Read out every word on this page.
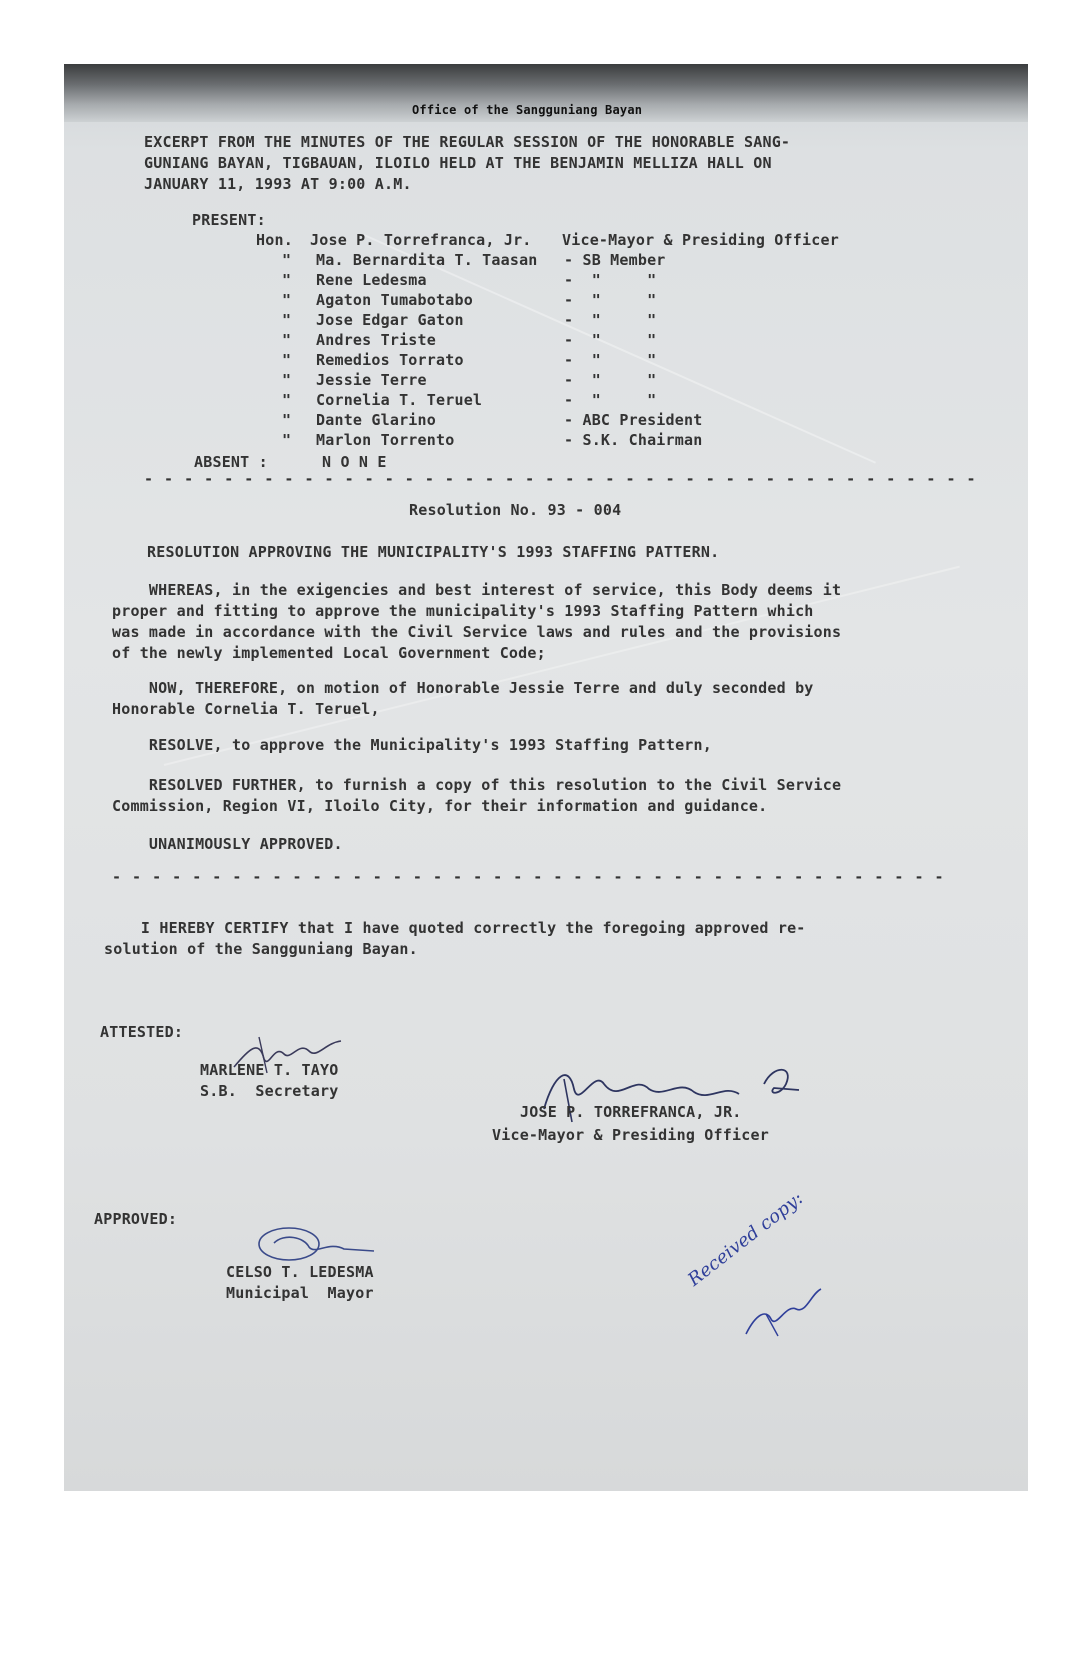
Office of the Sangguniang Bayan
EXCERPT FROM THE MINUTES OF THE REGULAR SESSION OF THE HONORABLE SANG-
GUNIANG BAYAN, TIGBAUAN, ILOILO HELD AT THE BENJAMIN MELLIZA HALL ON
JANUARY 11, 1993 AT 9:00 A.M.
PRESENT:
Hon. Jose P. Torrefranca, Jr. Vice-Mayor & Presiding Officer
" Ma. Bernardita T. Taasan - SB Member
" Rene Ledesma	-  "     "
" Agaton Tumabotabo	-  "     "
" Jose Edgar Gaton	-  "     "
" Andres Triste	-  "     "
" Remedios Torrato	-  "     "
" Jessie Terre	-  "     "
" Cornelia T. Teruel	-  "     "
" Dante Glarino	- ABC President
" Marlon Torrento	- S.K. Chairman
ABSENT :	N O N E
- - - - - - - - - - - - - - - - - - - - - - - - - - - - - - - - - - - - - - - - - -
Resolution No. 93 - 004
RESOLUTION APPROVING THE MUNICIPALITY'S 1993 STAFFING PATTERN.
WHEREAS, in the exigencies and best interest of service, this Body deems it
proper and fitting to approve the municipality's 1993 Staffing Pattern which
was made in accordance with the Civil Service laws and rules and the provisions
of the newly implemented Local Government Code;
NOW, THEREFORE, on motion of Honorable Jessie Terre and duly seconded by
Honorable Cornelia T. Teruel,
RESOLVE, to approve the Municipality's 1993 Staffing Pattern,
RESOLVED FURTHER, to furnish a copy of this resolution to the Civil Service
Commission, Region VI, Iloilo City, for their information and guidance.
UNANIMOUSLY APPROVED.
- - - - - - - - - - - - - - - - - - - - - - - - - - - - - - - - - - - - - - - - - -
I HEREBY CERTIFY that I have quoted correctly the foregoing approved re-
solution of the Sangguniang Bayan.
ATTESTED:
MARLENE T. TAYO
S.B.  Secretary
JOSE P. TORREFRANCA, JR.
Vice-Mayor & Presiding Officer
APPROVED:
CELSO T. LEDESMA
Municipal  Mayor
Received copy:
